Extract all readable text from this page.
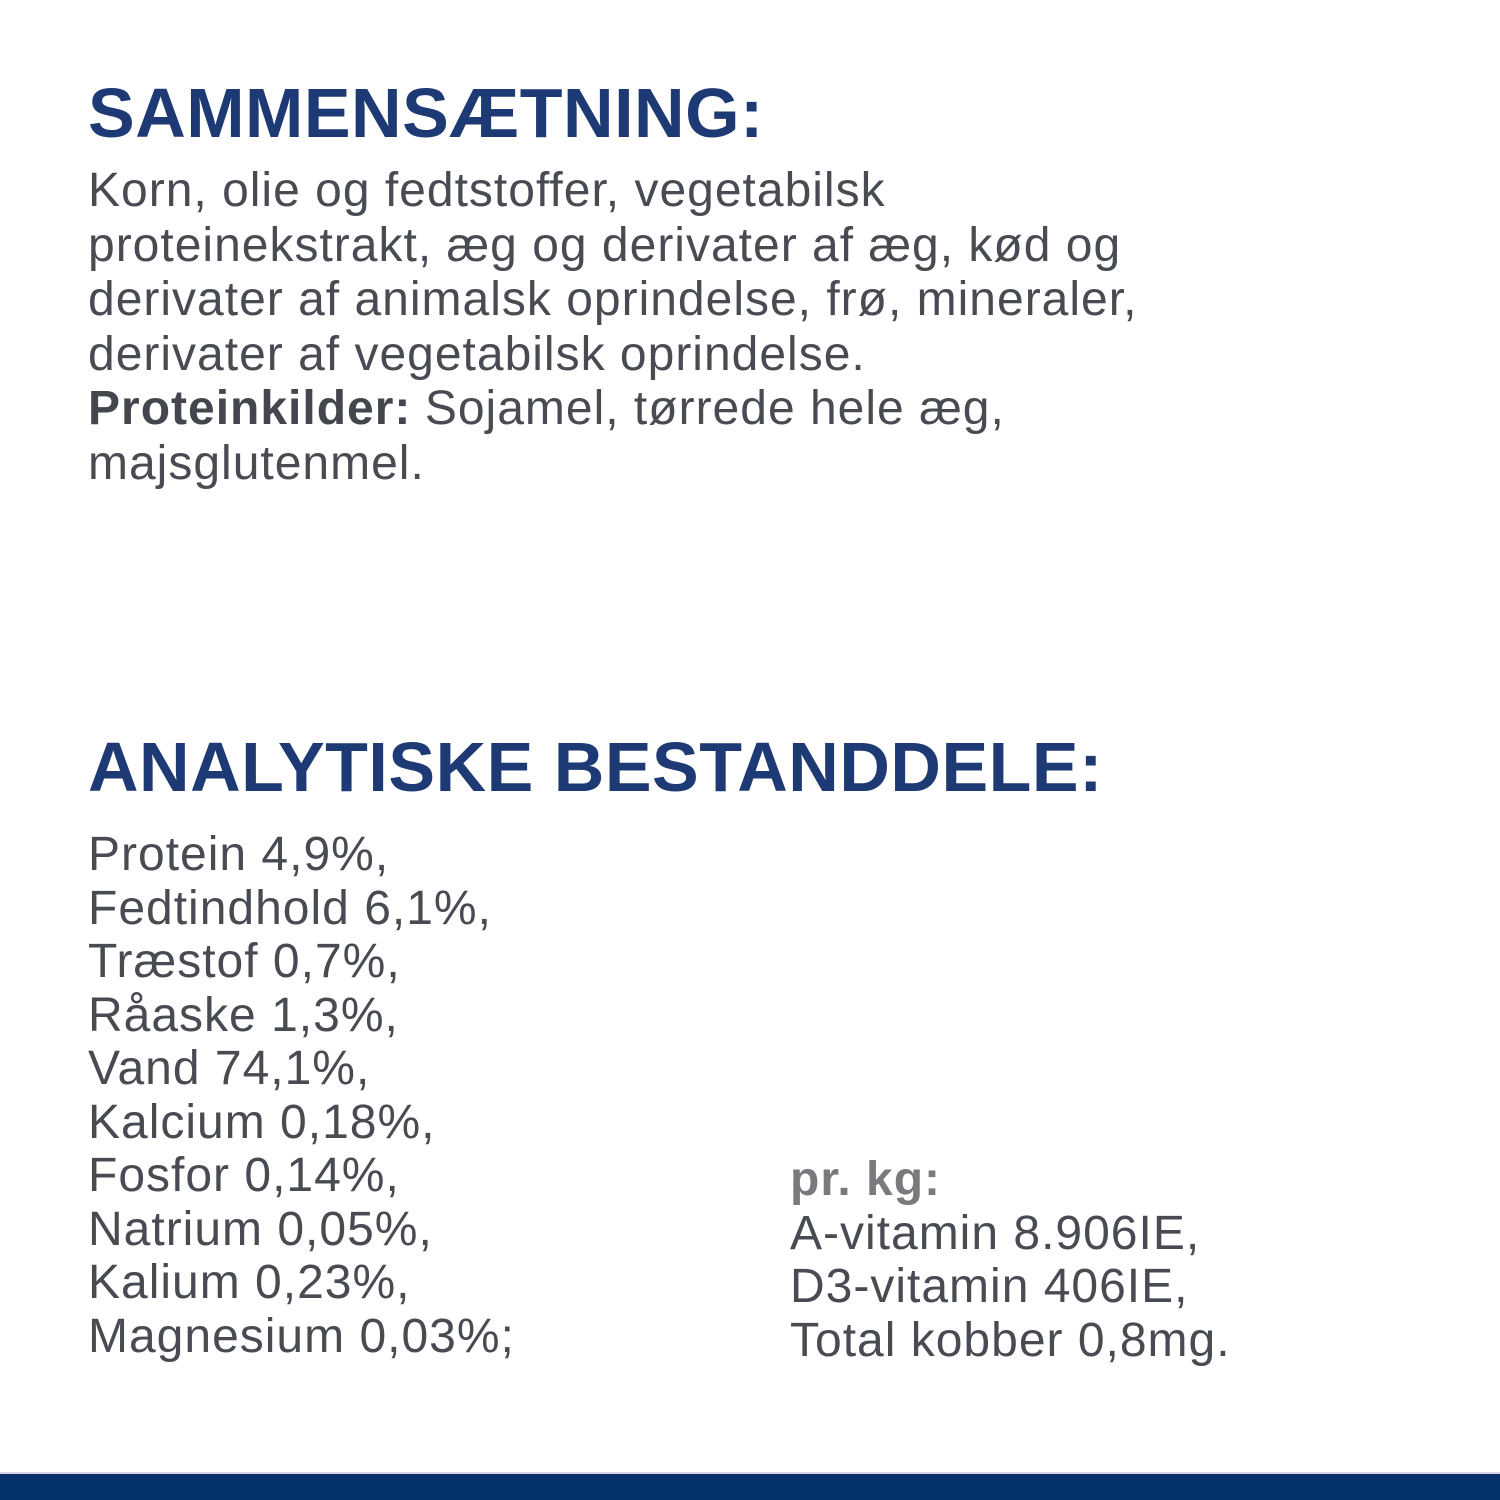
SAMMENSÆTNING:
Korn, olie og fedtstoffer, vegetabilsk
proteinekstrakt, æg og derivater af æg, kød og
derivater af animalsk oprindelse, frø, mineraler,
derivater af vegetabilsk oprindelse.
Proteinkilder: Sojamel, tørrede hele æg,
majsglutenmel.
ANALYTISKE BESTANDDELE:
Protein 4,9%,
Fedtindhold 6,1%,
Træstof 0,7%,
Råaske 1,3%,
Vand 74,1%,
Kalcium 0,18%,
Fosfor 0,14%,
Natrium 0,05%,
Kalium 0,23%,
Magnesium 0,03%;
pr. kg:
A-vitamin 8.906IE,
D3-vitamin 406IE,
Total kobber 0,8mg.
